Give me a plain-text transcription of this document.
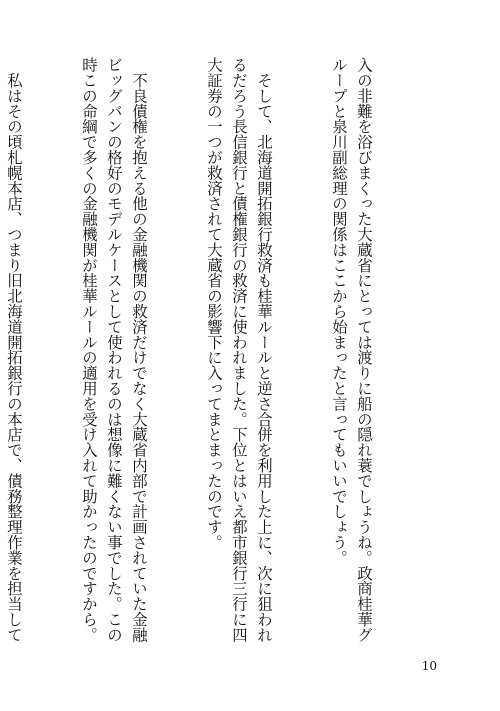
入の非難を浴びまくった大蔵省にとっては渡りに船の隠れ蓑でしょうね。政商桂華グループと泉川副総理の関係はここから始まったと言ってもいいでしょう。

　そして、北海道開拓銀行救済も桂華ルールと逆さ合併を利用した上に、次に狙われるだろう長信銀行と債権銀行の救済に使われました。下位とはいえ都市銀行三行に四大証券の一つが救済されて大蔵省の影響下に入ってまとまったのです。

　不良債権を抱える他の金融機関の救済だけでなく大蔵省内部で計画されていた金融ビッグバンの格好のモデルケースとして使われるのは想像に難くない事でした。この時この命綱で多くの金融機関が桂華ルールの適用を受け入れて助かったのですから。

　私はその頃札幌本店、つまり旧北海道開拓銀行の本店で、債務整理作業を担当して

10
